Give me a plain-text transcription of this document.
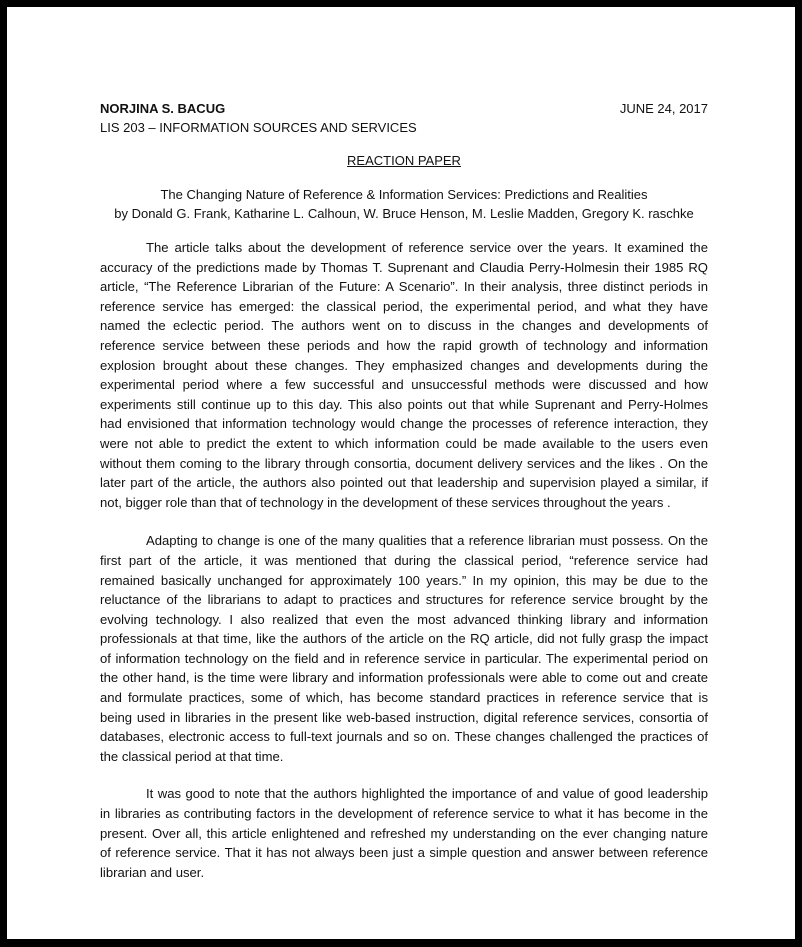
NORJINA S. BACUG	JUNE 24, 2017
LIS 203 – INFORMATION SOURCES AND SERVICES
REACTION PAPER
The Changing Nature of Reference & Information Services: Predictions and Realities
by Donald G. Frank, Katharine L. Calhoun, W. Bruce Henson, M. Leslie Madden, Gregory K. raschke
The article talks about the development of reference service over the years. It examined the
accuracy of the predictions made by Thomas T. Suprenant and Claudia Perry-Holmesin their 1985 RQ
article, “The Reference Librarian of the Future: A Scenario”. In their analysis, three distinct periods in
reference service has emerged: the classical period, the experimental period, and what they have
named the eclectic period. The authors went on to discuss in the changes and developments of
reference service between these periods and how the rapid growth of technology and information
explosion brought about these changes. They emphasized changes and developments during the
experimental period where a few successful and unsuccessful methods were discussed and how
experiments still continue up to this day. This also points out that while Suprenant and Perry-Holmes
had envisioned that information technology would change the processes of reference interaction, they
were not able to predict the extent to which information could be made available to the users even
without them coming to the library through consortia, document delivery services and the likes . On the
later part of the article, the authors also pointed out that leadership and supervision played a similar, if
not, bigger role than that of technology in the development of these services throughout the years .
Adapting to change is one of the many qualities that a reference librarian must possess. On the
first part of the article, it was mentioned that during the classical period, “reference service had
remained basically unchanged for approximately 100 years.” In my opinion, this may be due to the
reluctance of the librarians to adapt to practices and structures for reference service brought by the
evolving technology. I also realized that even the most advanced thinking library and information
professionals at that time, like the authors of the article on the RQ article, did not fully grasp the impact
of information technology on the field and in reference service in particular. The experimental period on
the other hand, is the time were library and information professionals were able to come out and create
and formulate practices, some of which, has become standard practices in reference service that is
being used in libraries in the present like web-based instruction, digital reference services, consortia of
databases, electronic access to full-text journals and so on. These changes challenged the practices of
the classical period at that time.
It was good to note that the authors highlighted the importance of and value of good leadership
in libraries as contributing factors in the development of reference service to what it has become in the
present. Over all, this article enlightened and refreshed my understanding on the ever changing nature
of reference service. That it has not always been just a simple question and answer between reference
librarian and user.
